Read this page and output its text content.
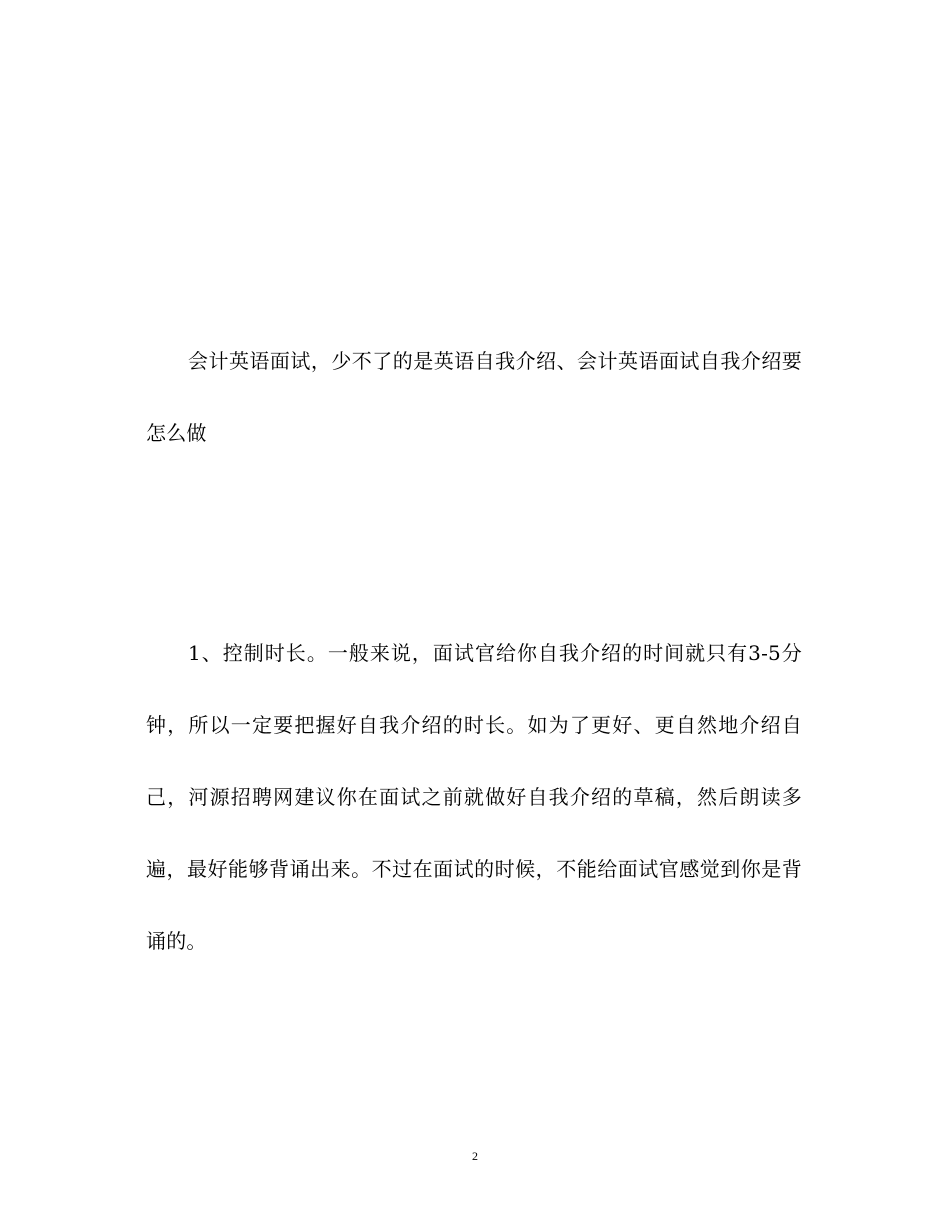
会计英语面试，少不了的是英语自我介绍、会计英语面试自我介绍要怎么做

1、控制时长。一般来说，面试官给你自我介绍的时间就只有3-5分钟，所以一定要把握好自我介绍的时长。如为了更好、更自然地介绍自己，河源招聘网建议你在面试之前就做好自我介绍的草稿，然后朗读多遍，最好能够背诵出来。不过在面试的时候，不能给面试官感觉到你是背诵的。

2
